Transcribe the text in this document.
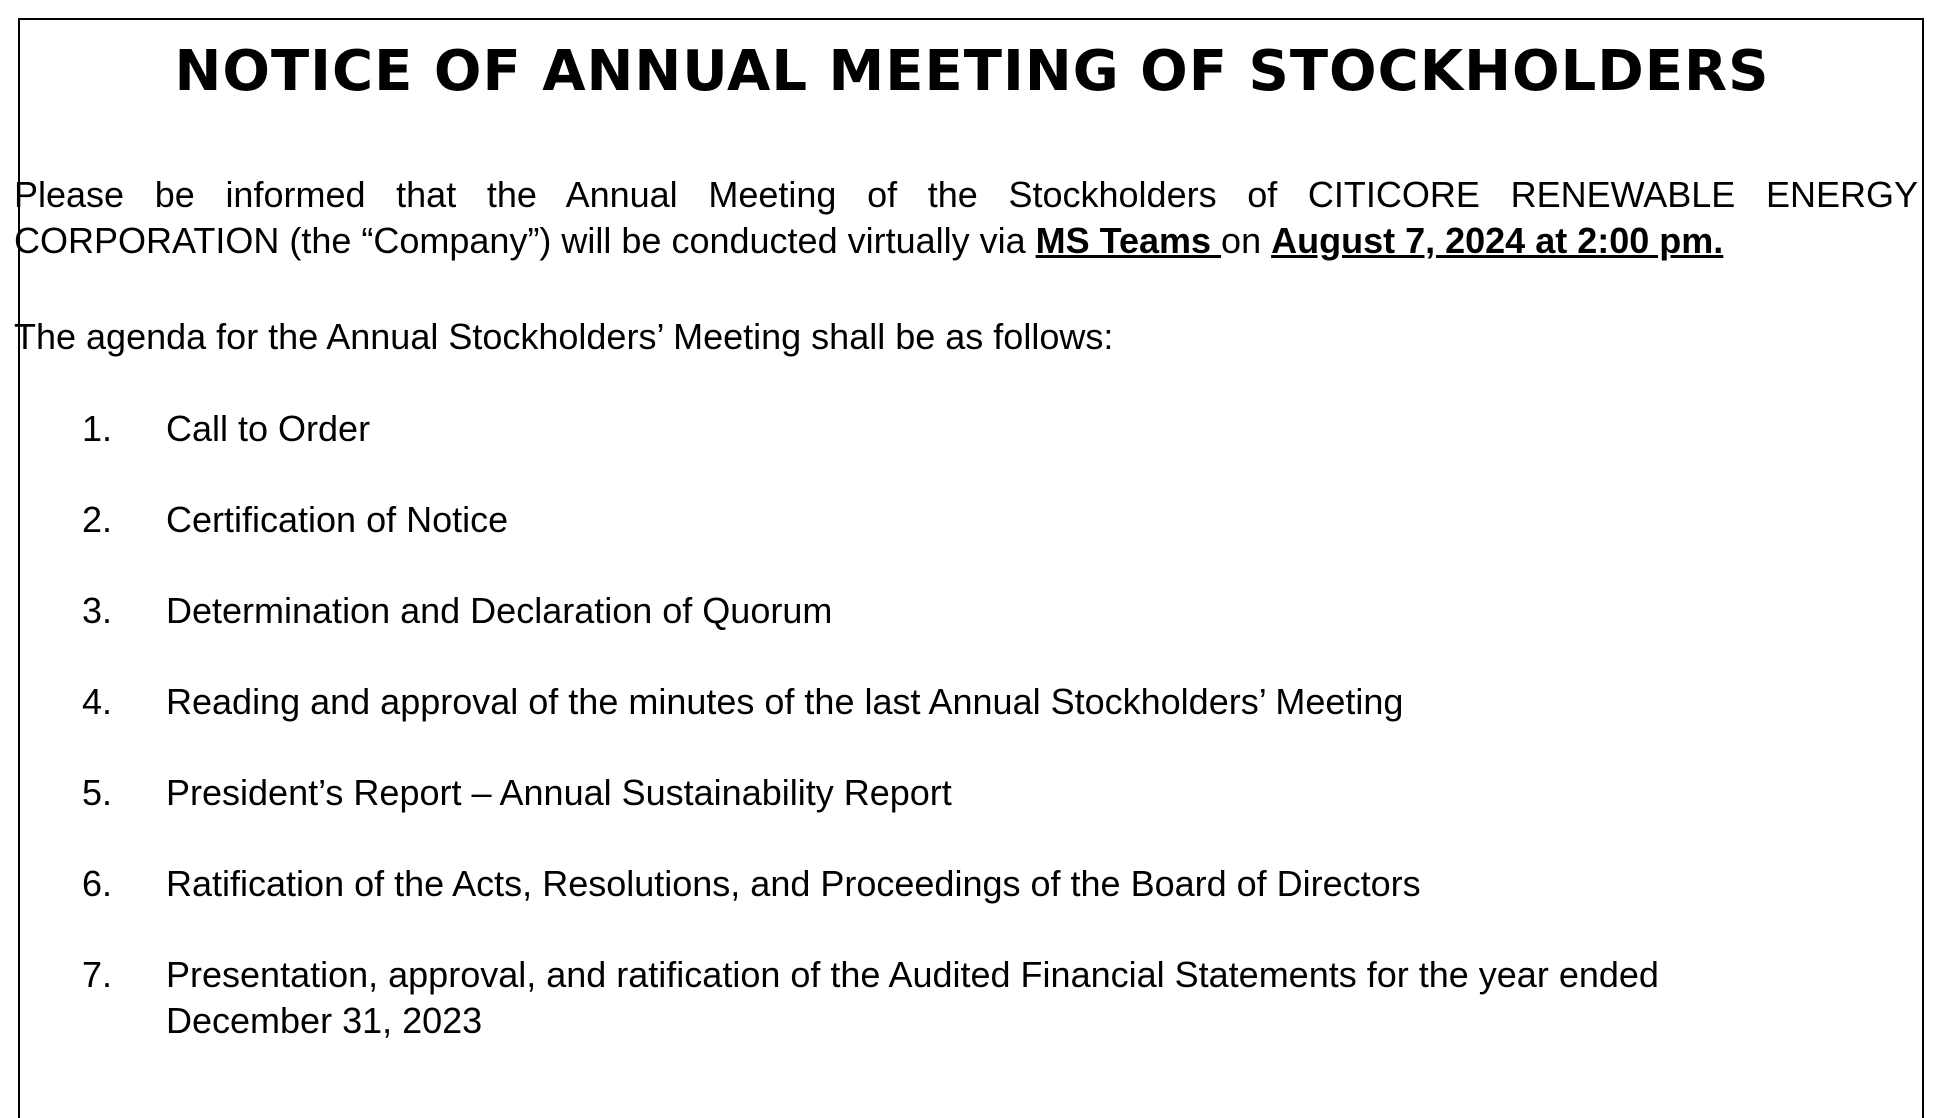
NOTICE OF ANNUAL MEETING OF STOCKHOLDERS

Please be informed that the Annual Meeting of the Stockholders of CITICORE RENEWABLE ENERGY CORPORATION (the “Company”) will be conducted virtually via MS Teams on August 7, 2024 at 2:00 pm.

The agenda for the Annual Stockholders’ Meeting shall be as follows:

1.	Call to Order
2.	Certification of Notice
3.	Determination and Declaration of Quorum
4.	Reading and approval of the minutes of the last Annual Stockholders’ Meeting
5.	President’s Report – Annual Sustainability Report
6.	Ratification of the Acts, Resolutions, and Proceedings of the Board of Directors
7.	Presentation, approval, and ratification of the Audited Financial Statements for the year ended December 31, 2023
